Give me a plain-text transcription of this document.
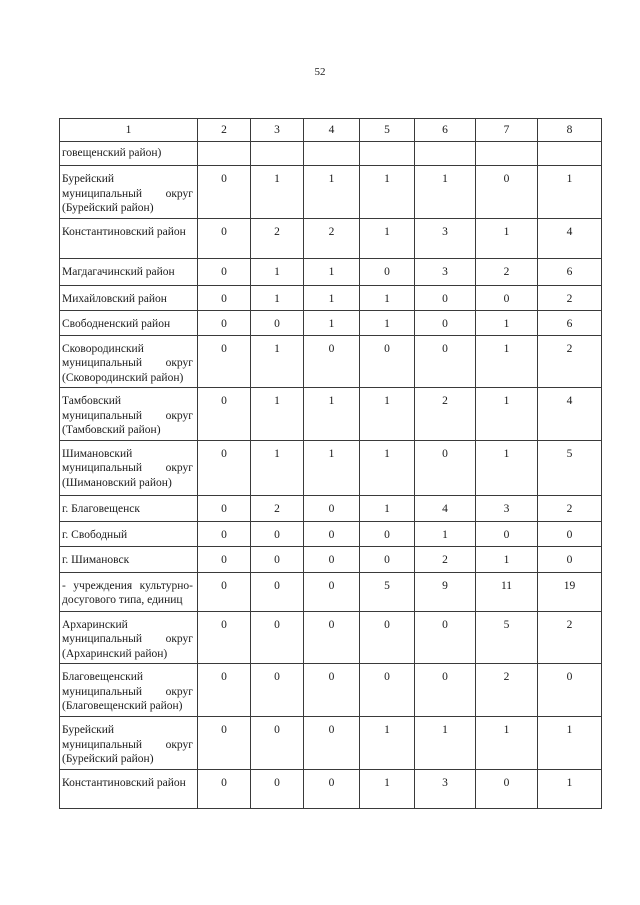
52
1	2	3	4	5	6	7	8
говещенский район)							
Бурейский муниципальный округ (Бурейский район)	0	1	1	1	1	0	1
Константиновский район	0	2	2	1	3	1	4
Магдагачинский район	0	1	1	0	3	2	6
Михайловский район	0	1	1	1	0	0	2
Свободненский район	0	0	1	1	0	1	6
Сковородинский муниципальный округ (Сковородинский район)	0	1	0	0	0	1	2
Тамбовский муниципальный округ (Тамбовский район)	0	1	1	1	2	1	4
Шимановский муниципальный округ (Шимановский район)	0	1	1	1	0	1	5
г. Благовещенск	0	2	0	1	4	3	2
г. Свободный	0	0	0	0	1	0	0
г. Шимановск	0	0	0	0	2	1	0
- учреждения культурно-досугового типа, единиц	0	0	0	5	9	11	19
Архаринский муниципальный округ (Архаринский район)	0	0	0	0	0	5	2
Благовещенский муниципальный округ (Благовещенский район)	0	0	0	0	0	2	0
Бурейский муниципальный округ (Бурейский район)	0	0	0	1	1	1	1
Константиновский район	0	0	0	1	3	0	1
